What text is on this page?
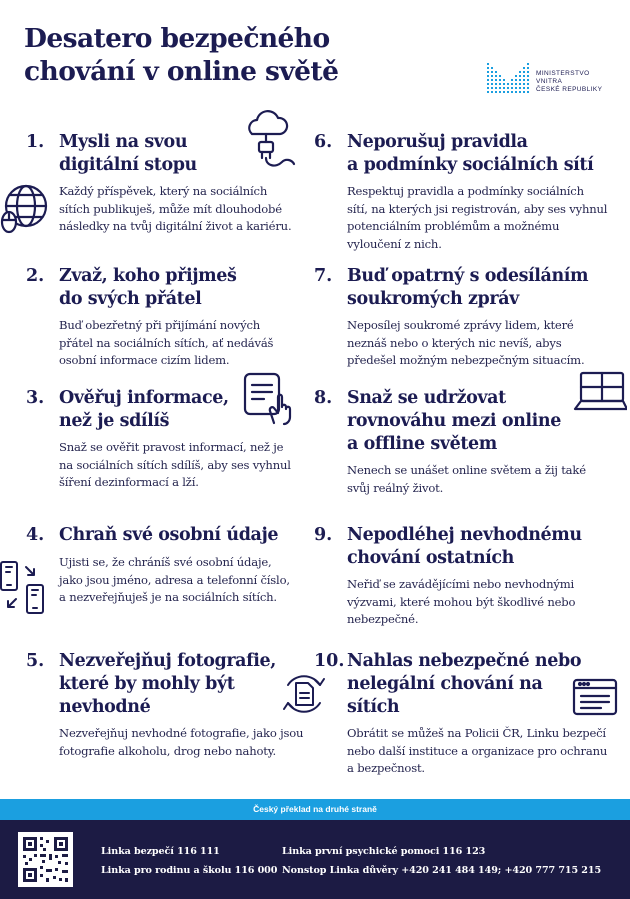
Desatero bezpečného
chování v online světě	MINISTERSTVO VNITRA
ČESKÉ REPUBLIKY
1. Mysli na svou
digitální stopu
Každý příspěvek, který na sociálních
sítích publikuješ, může mít dlouhodobé
následky na tvůj digitální život a kariéru.
2. Zvaž, koho přijmeš
do svých přátel
Buď obezřetný při přijímání nových
přátel na sociálních sítích, ať nedáváš
osobní informace cizím lidem.
3. Ověřuj informace,
než je sdílíš
Snaž se ověřit pravost informací, než je
na sociálních sítích sdílíš, aby ses vyhnul
šíření dezinformací a lží.
4. Chraň své osobní údaje
Ujisti se, že chráníš své osobní údaje,
jako jsou jméno, adresa a telefonní číslo,
a nezveřejňuješ je na sociálních sítích.
5. Nezveřejňuj fotografie,
které by mohly být
nevhodné
Nezveřejňuj nevhodné fotografie, jako jsou
fotografie alkoholu, drog nebo nahoty.
6. Neporušuj pravidla
a podmínky sociálních sítí
Respektuj pravidla a podmínky sociálních
sítí, na kterých jsi registrován, aby ses vyhnul
potenciálním problémům a možnému
vyloučení z nich.
7. Buď opatrný s odesíláním
soukromých zpráv
Neposílej soukromé zprávy lidem, které
neznáš nebo o kterých nic nevíš, abys
předešel možným nebezpečným situacím.
8. Snaž se udržovat
rovnováhu mezi online
a offline světem
Nenech se unášet online světem a žij také
svůj reálný život.
9. Nepodléhej nevhodnému
chování ostatních
Neřiď se zavádějícími nebo nevhodnými
výzvami, které mohou být škodlivé nebo
nebezpečné.
10. Nahlas nebezpečné nebo
nelegální chování na
sítích
Obrátit se můžeš na Policii ČR, Linku bezpečí
nebo další instituce a organizace pro ochranu
a bezpečnost.
Český překlad na druhé straně
Linka bezpečí 116 111
Linka pro rodinu a školu 116 000
Linka první psychické pomoci 116 123
Nonstop Linka důvěry +420 241 484 149; +420 777 715 215
